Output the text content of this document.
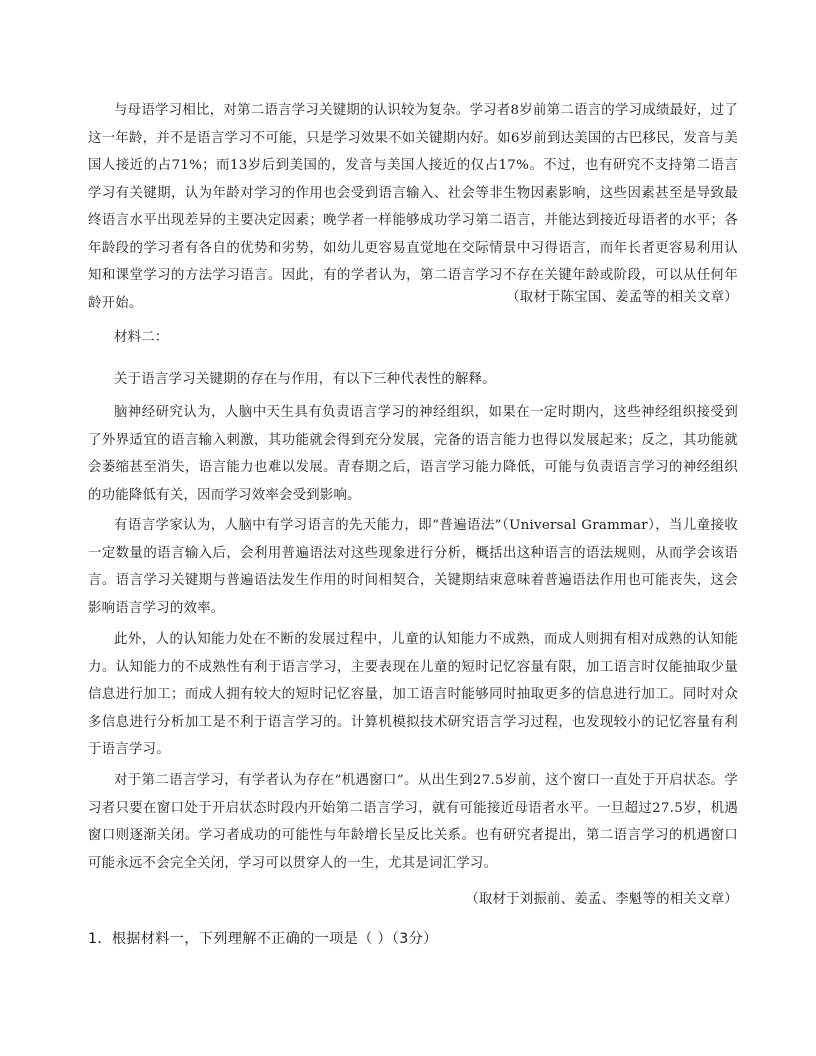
与母语学习相比，对第二语言学习关键期的认识较为复杂。学习者8岁前第二语言的学习成绩最好，过了这一年龄，并不是语言学习不可能，只是学习效果不如关键期内好。如6岁前到达美国的古巴移民，发音与美国人接近的占71%；而13岁后到美国的，发音与美国人接近的仅占17%。不过，也有研究不支持第二语言学习有关键期，认为年龄对学习的作用也会受到语言输入、社会等非生物因素影响，这些因素甚至是导致最终语言水平出现差异的主要决定因素；晚学者一样能够成功学习第二语言，并能达到接近母语者的水平；各年龄段的学习者有各自的优势和劣势，如幼儿更容易直觉地在交际情景中习得语言，而年长者更容易利用认知和课堂学习的方法学习语言。因此，有的学者认为，第二语言学习不存在关键年龄或阶段，可以从任何年龄开始。	（取材于陈宝国、姜孟等的相关文章）

材料二：

关于语言学习关键期的存在与作用，有以下三种代表性的解释。

脑神经研究认为，人脑中天生具有负责语言学习的神经组织，如果在一定时期内，这些神经组织接受到了外界适宜的语言输入刺激，其功能就会得到充分发展，完备的语言能力也得以发展起来；反之，其功能就会萎缩甚至消失，语言能力也难以发展。青春期之后，语言学习能力降低，可能与负责语言学习的神经组织的功能降低有关，因而学习效率会受到影响。

有语言学家认为，人脑中有学习语言的先天能力，即“普遍语法”（Universal Grammar），当儿童接收一定数量的语言输入后，会利用普遍语法对这些现象进行分析，概括出这种语言的语法规则，从而学会该语言。语言学习关键期与普遍语法发生作用的时间相契合，关键期结束意味着普遍语法作用也可能丧失，这会影响语言学习的效率。

此外，人的认知能力处在不断的发展过程中，儿童的认知能力不成熟，而成人则拥有相对成熟的认知能力。认知能力的不成熟性有利于语言学习，主要表现在儿童的短时记忆容量有限，加工语言时仅能抽取少量信息进行加工；而成人拥有较大的短时记忆容量，加工语言时能够同时抽取更多的信息进行加工。同时对众多信息进行分析加工是不利于语言学习的。计算机模拟技术研究语言学习过程，也发现较小的记忆容量有利于语言学习。

对于第二语言学习，有学者认为存在“机遇窗口”。从出生到27.5岁前，这个窗口一直处于开启状态。学习者只要在窗口处于开启状态时段内开始第二语言学习，就有可能接近母语者水平。一旦超过27.5岁，机遇窗口则逐渐关闭。学习者成功的可能性与年龄增长呈反比关系。也有研究者提出，第二语言学习的机遇窗口可能永远不会完全关闭，学习可以贯穿人的一生，尤其是词汇学习。

（取材于刘振前、姜孟、李魁等的相关文章）

1．根据材料一，下列理解不正确的一项是（ ）（3分）
